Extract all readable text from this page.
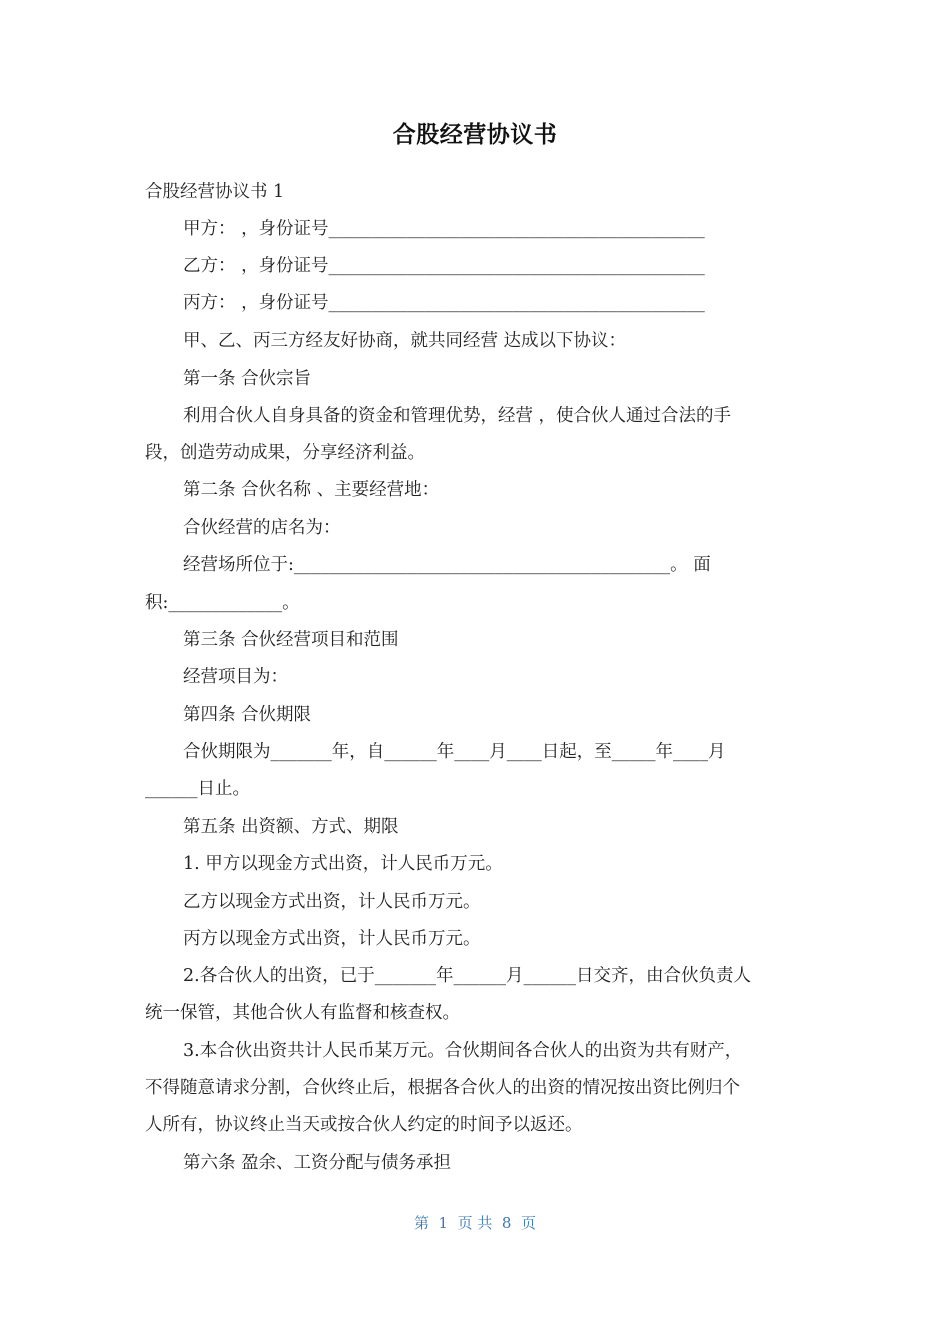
合股经营协议书
合股经营协议书 1
甲方： ，身份证号___________________________________________
乙方： ，身份证号___________________________________________
丙方： ，身份证号___________________________________________
甲、乙、丙三方经友好协商，就共同经营 达成以下协议：
第一条 合伙宗旨
利用合伙人自身具备的资金和管理优势，经营 ，使合伙人通过合法的手
段，创造劳动成果，分享经济利益。
第二条 合伙名称 、主要经营地：
合伙经营的店名为：
经营场所位于:___________________________________________。 面
积:_____________。
第三条 合伙经营项目和范围
经营项目为：
第四条 合伙期限
合伙期限为_______年，自______年____月____日起，至_____年____月
______日止。
第五条 出资额、方式、期限
1. 甲方以现金方式出资，计人民币万元。
乙方以现金方式出资，计人民币万元。
丙方以现金方式出资，计人民币万元。
2.各合伙人的出资，已于_______年______月______日交齐，由合伙负责人
统一保管，其他合伙人有监督和核查权。
3.本合伙出资共计人民币某万元。合伙期间各合伙人的出资为共有财产，
不得随意请求分割，合伙终止后，根据各合伙人的出资的情况按出资比例归个
人所有，协议终止当天或按合伙人约定的时间予以返还。
第六条 盈余、工资分配与债务承担
第  1  页 共  8  页
